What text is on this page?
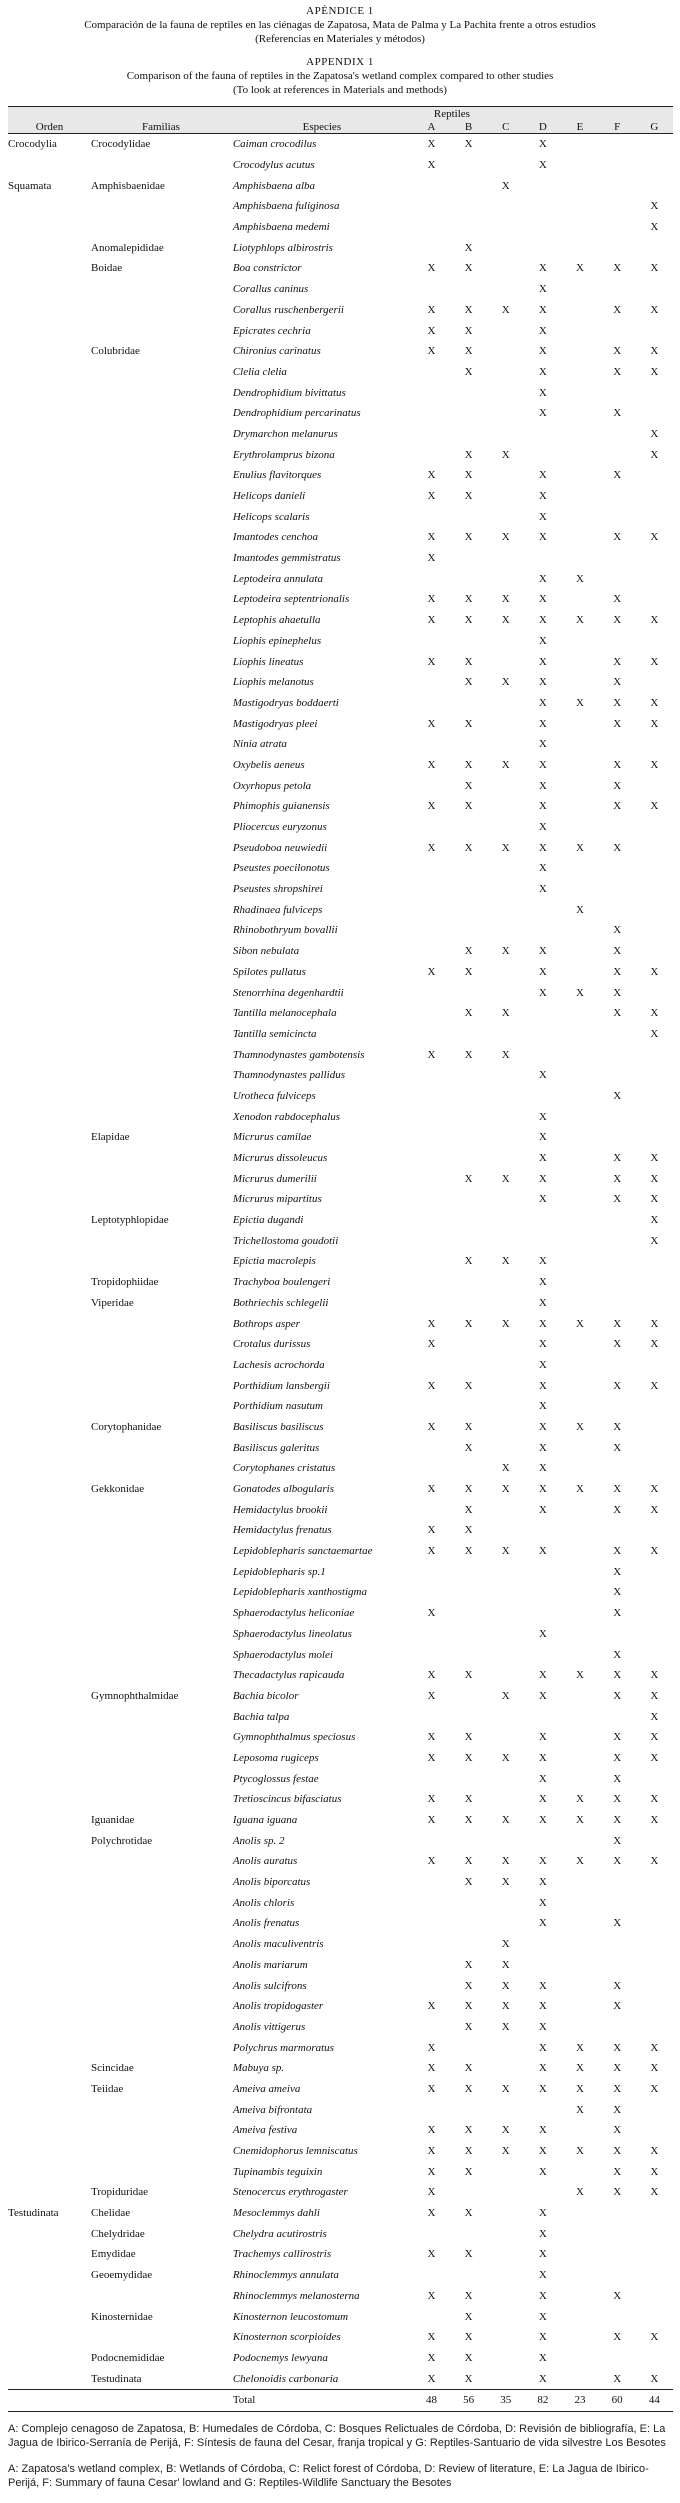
APÉNDICE 1
Comparación de la fauna de reptiles en las ciénagas de Zapatosa, Mata de Palma y La Pachita frente a otros estudios
(Referencias en Materiales y métodos)
APPENDIX 1
Comparison of the fauna of reptiles in the Zapatosa's wetland complex compared to other studies
(To look at references in Materials and methods)
		Reptiles							
Orden	Familias	Especies	A	B	C	D	E	F	G
Crocodylia	Crocodylidae	Caiman crocodilus	X	X		X			
		Crocodylus acutus	X			X			
Squamata	Amphisbaenidae	Amphisbaena alba			X				
		Amphisbaena fuliginosa							X
		Amphisbaena medemi							X
	Anomalepididae	Liotyphlops albirostris		X					
	Boidae	Boa constrictor	X	X		X	X	X	X
		Corallus caninus				X			
		Corallus ruschenbergerii	X	X	X	X		X	X
		Epicrates cechria	X	X		X			
	Colubridae	Chironius carinatus	X	X		X		X	X
		Clelia clelia		X		X		X	X
		Dendrophidium bivittatus				X			
		Dendrophidium percarinatus				X		X	
		Drymarchon melanurus							X
		Erythrolamprus bizona		X	X				X
		Enulius flavitorques	X	X		X		X	
		Helicops danieli	X	X		X			
		Helicops scalaris				X			
		Imantodes cenchoa	X	X	X	X		X	X
		Imantodes gemmistratus	X						
		Leptodeira annulata				X	X		
		Leptodeira septentrionalis	X	X	X	X		X	
		Leptophis ahaetulla	X	X	X	X	X	X	X
		Liophis epinephelus				X			
		Liophis lineatus	X	X		X		X	X
		Liophis melanotus		X	X	X		X	
		Mastigodryas boddaerti				X	X	X	X
		Mastigodryas pleei	X	X		X		X	X
		Ninia atrata				X			
		Oxybelis aeneus	X	X	X	X		X	X
		Oxyrhopus petola		X		X		X	
		Phimophis guianensis	X	X		X		X	X
		Pliocercus euryzonus				X			
		Pseudoboa neuwiedii	X	X	X	X	X	X	
		Pseustes poecilonotus				X			
		Pseustes shropshirei				X			
		Rhadinaea fulviceps					X		
		Rhinobothryum bovallii						X	
		Sibon nebulata		X	X	X		X	
		Spilotes pullatus	X	X		X		X	X
		Stenorrhina degenhardtii				X	X	X	
		Tantilla melanocephala		X	X			X	X
		Tantilla semicincta							X
		Thamnodynastes gambotensis	X	X	X				
		Thamnodynastes pallidus				X			
		Urotheca fulviceps						X	
		Xenodon rabdocephalus				X			
	Elapidae	Micrurus camilae				X			
		Micrurus dissoleucus				X		X	X
		Micrurus dumerilii		X	X	X		X	X
		Micrurus mipartitus				X		X	X
	Leptotyphlopidae	Epictia dugandi							X
		Trichellostoma goudotii							X
		Epictia macrolepis		X	X	X			
	Tropidophiidae	Trachyboa boulengeri				X			
	Viperidae	Bothriechis schlegelii				X			
		Bothrops asper	X	X	X	X	X	X	X
		Crotalus durissus	X			X		X	X
		Lachesis acrochorda				X			
		Porthidium lansbergii	X	X		X		X	X
		Porthidium nasutum				X			
	Corytophanidae	Basiliscus basiliscus	X	X		X	X	X	
		Basiliscus galeritus		X		X		X	
		Corytophanes cristatus			X	X			
	Gekkonidae	Gonatodes albogularis	X	X	X	X	X	X	X
		Hemidactylus brookii		X		X		X	X
		Hemidactylus frenatus	X	X					
		Lepidoblepharis sanctaemartae	X	X	X	X		X	X
		Lepidoblepharis sp.1						X	
		Lepidoblepharis xanthostigma						X	
		Sphaerodactylus heliconiae	X					X	
		Sphaerodactylus lineolatus				X			
		Sphaerodactylus molei						X	
		Thecadactylus rapicauda	X	X		X	X	X	X
	Gymnophthalmidae	Bachia bicolor	X		X	X		X	X
		Bachia talpa							X
		Gymnophthalmus speciosus	X	X		X		X	X
		Leposoma rugiceps	X	X	X	X		X	X
		Ptycoglossus festae				X		X	
		Tretioscincus bifasciatus	X	X		X	X	X	X
	Iguanidae	Iguana iguana	X	X	X	X	X	X	X
	Polychrotidae	Anolis sp. 2						X	
		Anolis auratus	X	X	X	X	X	X	X
		Anolis biporcatus		X	X	X			
		Anolis chloris				X			
		Anolis frenatus				X		X	
		Anolis maculiventris			X				
		Anolis mariarum		X	X				
		Anolis sulcifrons		X	X	X		X	
		Anolis tropidogaster	X	X	X	X		X	
		Anolis vittigerus		X	X	X			
		Polychrus marmoratus	X			X	X	X	X
	Scincidae	Mabuya sp.	X	X		X	X	X	X
	Teiidae	Ameiva ameiva	X	X	X	X	X	X	X
		Ameiva bifrontata					X	X	
		Ameiva festiva	X	X	X	X		X	
		Cnemidophorus lemniscatus	X	X	X	X	X	X	X
		Tupinambis teguixin	X	X		X		X	X
	Tropiduridae	Stenocercus erythrogaster	X				X	X	X
Testudinata	Chelidae	Mesoclemmys dahli	X	X		X			
	Chelydridae	Chelydra acutirostris				X			
	Emydidae	Trachemys callirostris	X	X		X			
	Geoemydidae	Rhinoclemmys annulata				X			
		Rhinoclemmys melanosterna	X	X		X		X	
	Kinosternidae	Kinosternon leucostomum		X		X			
		Kinosternon scorpioides	X	X		X		X	X
	Podocnemididae	Podocnemys lewyana	X	X		X			
	Testudinata	Chelonoidis carbonaria	X	X		X		X	X
		Total	48	56	35	82	23	60	44
A: Complejo cenagoso de Zapatosa, B: Humedales de Córdoba, C: Bosques Relictuales de Córdoba, D: Revisión de bibliografía, E: La Jagua de Ibirico-Serranía de Perijá, F: Síntesis de fauna del Cesar, franja tropical y G: Reptiles-Santuario de vida silvestre Los Besotes
A: Zapatosa's wetland complex, B: Wetlands of Córdoba, C: Relict forest of Córdoba, D: Review of literature, E: La Jagua de Ibirico-Perijá, F: Summary of fauna Cesar' lowland and G: Reptiles-Wildlife Sanctuary the Besotes
